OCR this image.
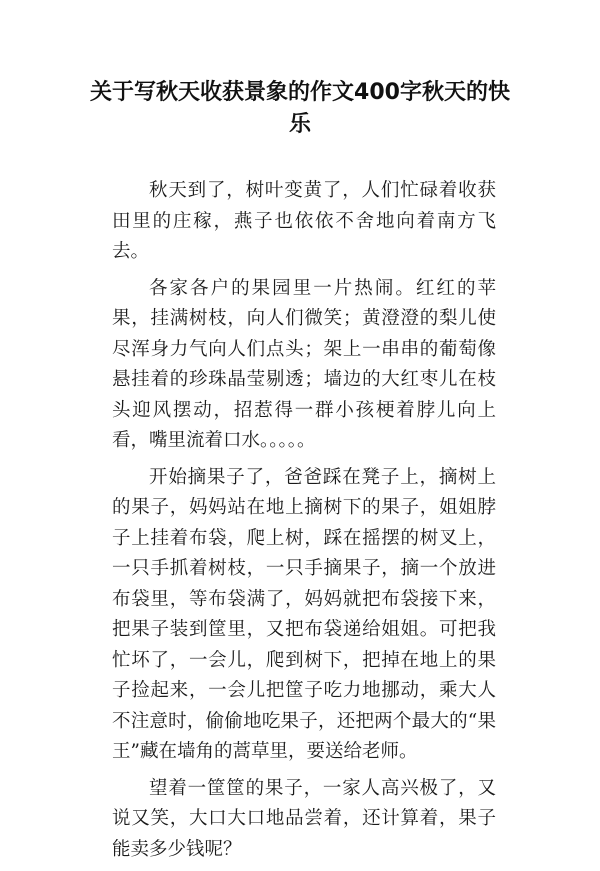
关于写秋天收获景象的作文400字秋天的快乐

秋天到了，树叶变黄了，人们忙碌着收获田里的庄稼，燕子也依依不舍地向着南方飞去。

各家各户的果园里一片热闹。红红的苹果，挂满树枝，向人们微笑；黄澄澄的梨儿使尽浑身力气向人们点头；架上一串串的葡萄像悬挂着的珍珠晶莹剔透；墙边的大红枣儿在枝头迎风摆动，招惹得一群小孩梗着脖儿向上看，嘴里流着口水。。。。。

开始摘果子了，爸爸踩在凳子上，摘树上的果子，妈妈站在地上摘树下的果子，姐姐脖子上挂着布袋，爬上树，踩在摇摆的树叉上，一只手抓着树枝，一只手摘果子，摘一个放进布袋里，等布袋满了，妈妈就把布袋接下来，把果子装到筐里，又把布袋递给姐姐。可把我忙坏了，一会儿，爬到树下，把掉在地上的果子捡起来，一会儿把筐子吃力地挪动，乘大人不注意时，偷偷地吃果子，还把两个最大的“果王”藏在墙角的蒿草里，要送给老师。

望着一筐筐的果子，一家人高兴极了，又说又笑，大口大口地品尝着，还计算着，果子能卖多少钱呢？
